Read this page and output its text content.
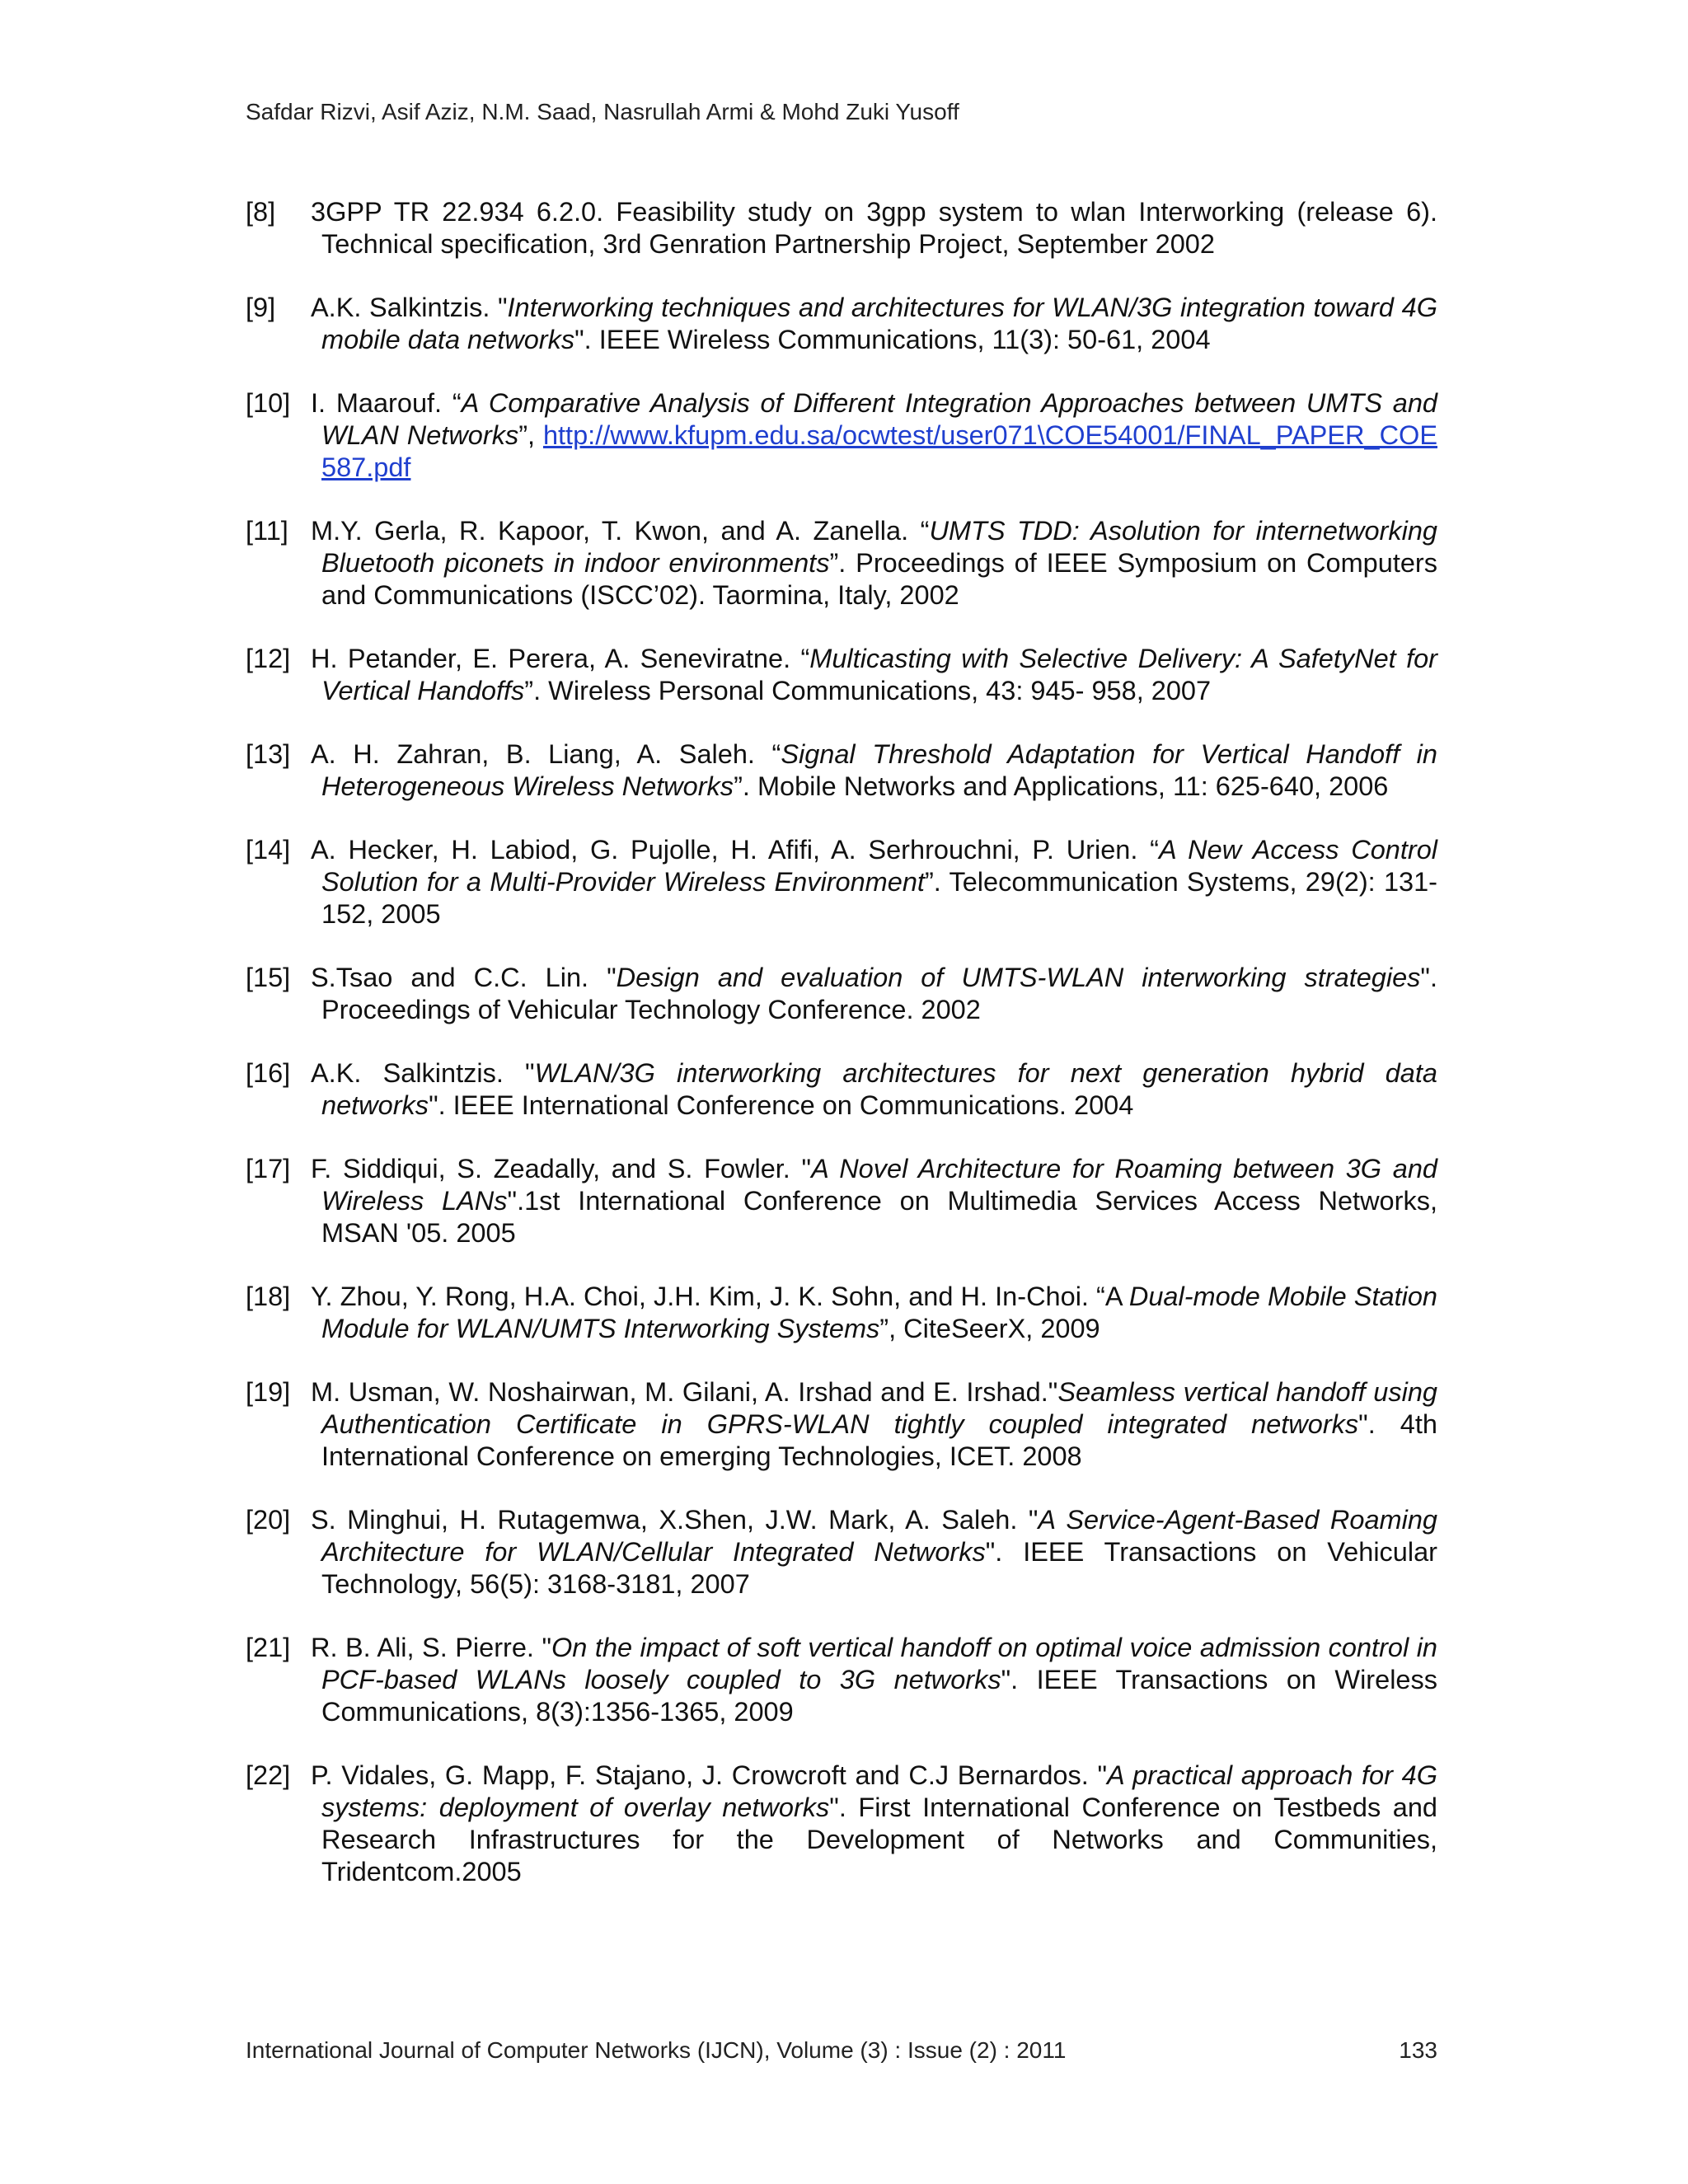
Safdar Rizvi, Asif Aziz, N.M. Saad, Nasrullah Armi & Mohd Zuki Yusoff
[8] 3GPP TR 22.934 6.2.0. Feasibility study on 3gpp system to wlan Interworking (release 6). Technical specification, 3rd Genration Partnership Project, September 2002
[9] A.K. Salkintzis. "Interworking techniques and architectures for WLAN/3G integration toward 4G mobile data networks". IEEE Wireless Communications, 11(3): 50-61, 2004
[10] I. Maarouf. “A Comparative Analysis of Different Integration Approaches between UMTS and WLAN Networks”, http://www.kfupm.edu.sa/ocwtest/user071\COE54001/FINAL_PAPER_COE587.pdf
[11] M.Y. Gerla, R. Kapoor, T. Kwon, and A. Zanella. “UMTS TDD: Asolution for internetworking Bluetooth piconets in indoor environments”. Proceedings of IEEE Symposium on Computers and Communications (ISCC’02). Taormina, Italy, 2002
[12] H. Petander, E. Perera, A. Seneviratne. “Multicasting with Selective Delivery: A SafetyNet for Vertical Handoffs”. Wireless Personal Communications, 43: 945- 958, 2007
[13] A. H. Zahran, B. Liang, A. Saleh. “Signal Threshold Adaptation for Vertical Handoff in Heterogeneous Wireless Networks”. Mobile Networks and Applications, 11: 625-640, 2006
[14] A. Hecker, H. Labiod, G. Pujolle, H. Afifi, A. Serhrouchni, P. Urien. “A New Access Control Solution for a Multi-Provider Wireless Environment”. Telecommunication Systems, 29(2): 131-152, 2005
[15] S.Tsao and C.C. Lin. "Design and evaluation of UMTS-WLAN interworking strategies". Proceedings of Vehicular Technology Conference. 2002
[16] A.K. Salkintzis. "WLAN/3G interworking architectures for next generation hybrid data networks". IEEE International Conference on Communications. 2004
[17] F. Siddiqui, S. Zeadally, and S. Fowler. "A Novel Architecture for Roaming between 3G and Wireless LANs".1st International Conference on Multimedia Services Access Networks, MSAN '05. 2005
[18] Y. Zhou, Y. Rong, H.A. Choi, J.H. Kim, J. K. Sohn, and H. In-Choi. “A Dual-mode Mobile Station Module for WLAN/UMTS Interworking Systems”, CiteSeerX, 2009
[19] M. Usman, W. Noshairwan, M. Gilani, A. Irshad and E. Irshad."Seamless vertical handoff using Authentication Certificate in GPRS-WLAN tightly coupled integrated networks". 4th International Conference on emerging Technologies, ICET. 2008
[20] S. Minghui, H. Rutagemwa, X.Shen, J.W. Mark, A. Saleh. "A Service-Agent-Based Roaming Architecture for WLAN/Cellular Integrated Networks". IEEE Transactions on Vehicular Technology, 56(5): 3168-3181, 2007
[21] R. B. Ali, S. Pierre. "On the impact of soft vertical handoff on optimal voice admission control in PCF-based WLANs loosely coupled to 3G networks". IEEE Transactions on Wireless Communications, 8(3):1356-1365, 2009
[22] P. Vidales, G. Mapp, F. Stajano, J. Crowcroft and C.J Bernardos. "A practical approach for 4G systems: deployment of overlay networks". First International Conference on Testbeds and Research Infrastructures for the Development of Networks and Communities, Tridentcom.2005
International Journal of Computer Networks (IJCN), Volume (3) : Issue (2) : 2011	133
